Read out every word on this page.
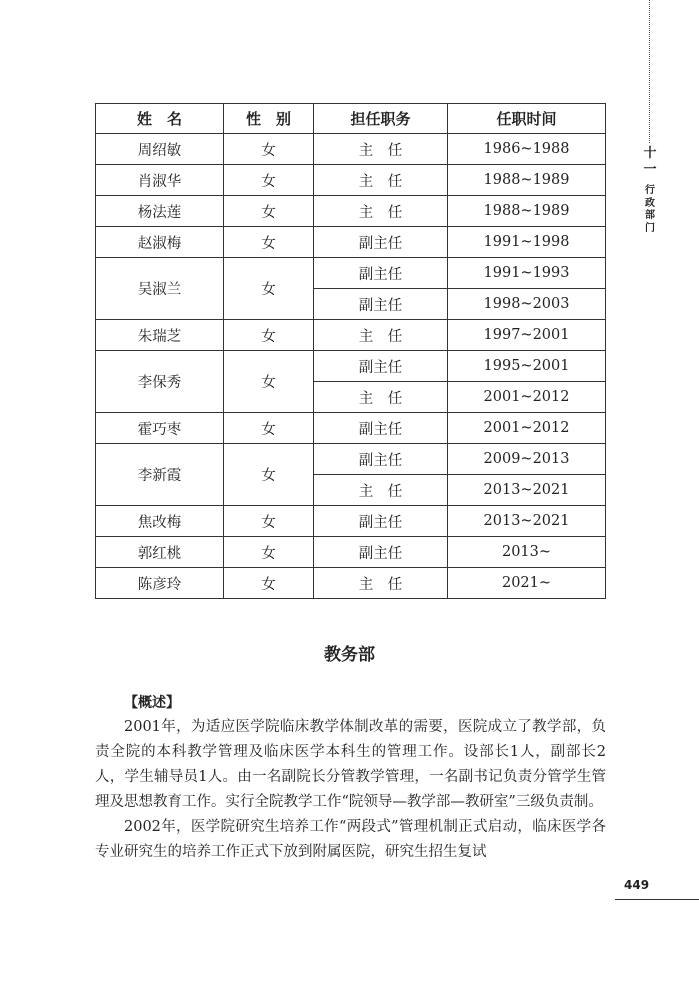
十一
行
政
部
门
姓　名	性　别	担任职务	任职时间
周绍敏	女	主　任	1986~1988
肖淑华	女	主　任	1988~1989
杨法莲	女	主　任	1988~1989
赵淑梅	女	副主任	1991~1998
吴淑兰	女	副主任	1991~1993
		副主任	1998~2003
朱瑞芝	女	主　任	1997~2001
李保秀	女	副主任	1995~2001
		主　任	2001~2012
霍巧枣	女	副主任	2001~2012
李新霞	女	副主任	2009~2013
		主　任	2013~2021
焦改梅	女	副主任	2013~2021
郭红桃	女	副主任	2013~
陈彦玲	女	主　任	2021~
教务部
【概述】

2001年，为适应医学院临床教学体制改革的需要，医院成立了教学部，负责全院的本科教学管理及临床医学本科生的管理工作。设部长1人，副部长2人，学生辅导员1人。由一名副院长分管教学管理，一名副书记负责分管学生管理及思想教育工作。实行全院教学工作“院领导—教学部—教研室”三级负责制。

2002年，医学院研究生培养工作“两段式”管理机制正式启动，临床医学各专业研究生的培养工作正式下放到附属医院，研究生招生复试

449
